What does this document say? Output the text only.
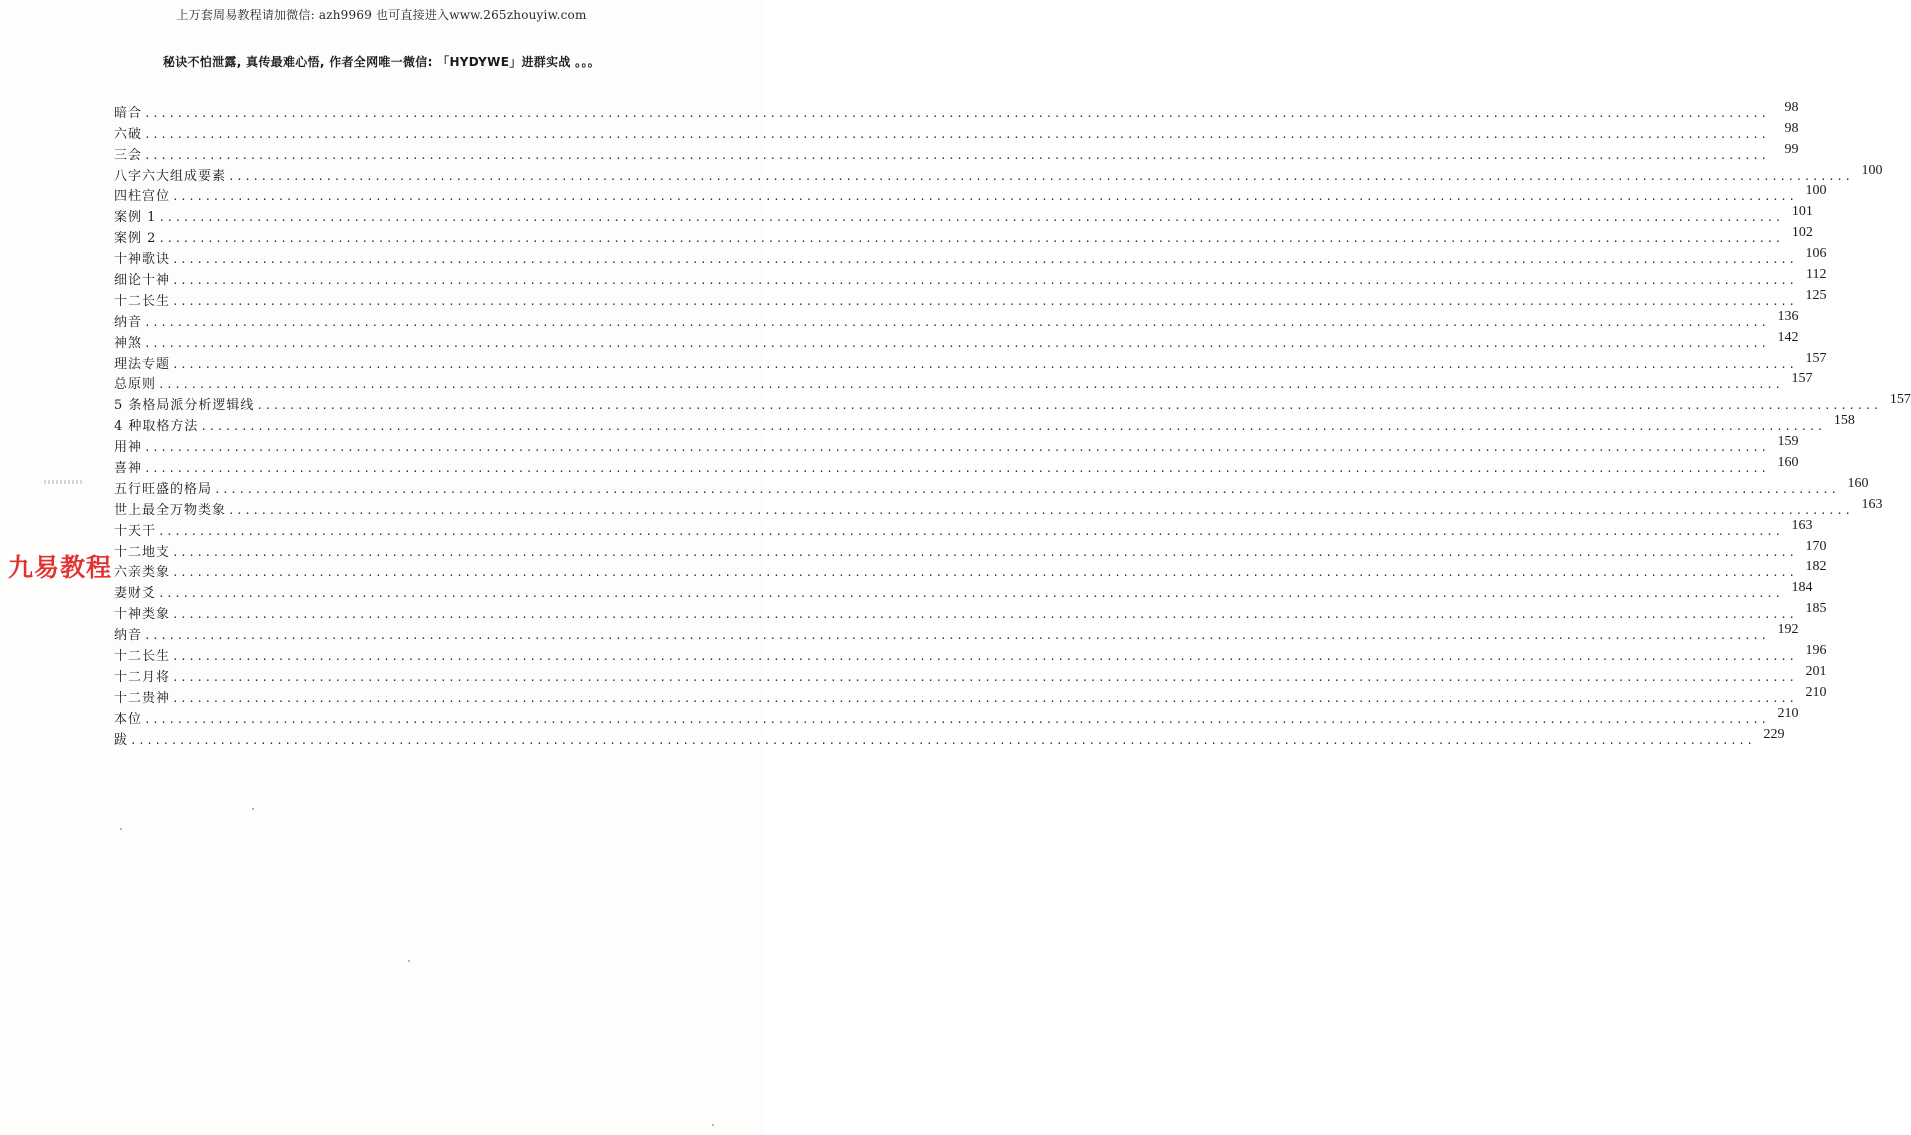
上万套周易教程请加微信: azh9969 也可直接进入www.265zhouyiw.com
秘诀不怕泄露, 真传最难心悟, 作者全网唯一微信: 「HYDYWE」进群实战 。。。
暗合 ........................................................................................................................................................................................................	98
六破 ........................................................................................................................................................................................................	98
三会 ........................................................................................................................................................................................................	99
八字六大组成要素 ........................................................................................................................................................................................................ 100
四柱宫位 ........................................................................................................................................................................................................ 100
案例 1 ........................................................................................................................................................................................................ 101
案例 2 ........................................................................................................................................................................................................ 102
十神歌诀 ........................................................................................................................................................................................................ 106
细论十神 ........................................................................................................................................................................................................ 112
十二长生 ........................................................................................................................................................................................................ 125
纳音 ........................................................................................................................................................................................................ 136
神煞 ........................................................................................................................................................................................................ 142
理法专题 ........................................................................................................................................................................................................ 157
总原则 ........................................................................................................................................................................................................ 157
5 条格局派分析逻辑线 ........................................................................................................................................................................................................ 157
4 种取格方法 ........................................................................................................................................................................................................ 158
用神 ........................................................................................................................................................................................................ 159
喜神 ........................................................................................................................................................................................................ 160
五行旺盛的格局 ........................................................................................................................................................................................................ 160
世上最全万物类象 ........................................................................................................................................................................................................ 163
十天干 ........................................................................................................................................................................................................ 163
十二地支 ........................................................................................................................................................................................................ 170
六亲类象 ........................................................................................................................................................................................................ 182
妻财爻 ........................................................................................................................................................................................................ 184
十神类象 ........................................................................................................................................................................................................ 185
纳音 ........................................................................................................................................................................................................ 192
十二长生 ........................................................................................................................................................................................................ 196
十二月将 ........................................................................................................................................................................................................ 201
十二贵神 ........................................................................................................................................................................................................ 210
本位 ........................................................................................................................................................................................................ 210
跋 ........................................................................................................................................................................................................ 229
九易教程
